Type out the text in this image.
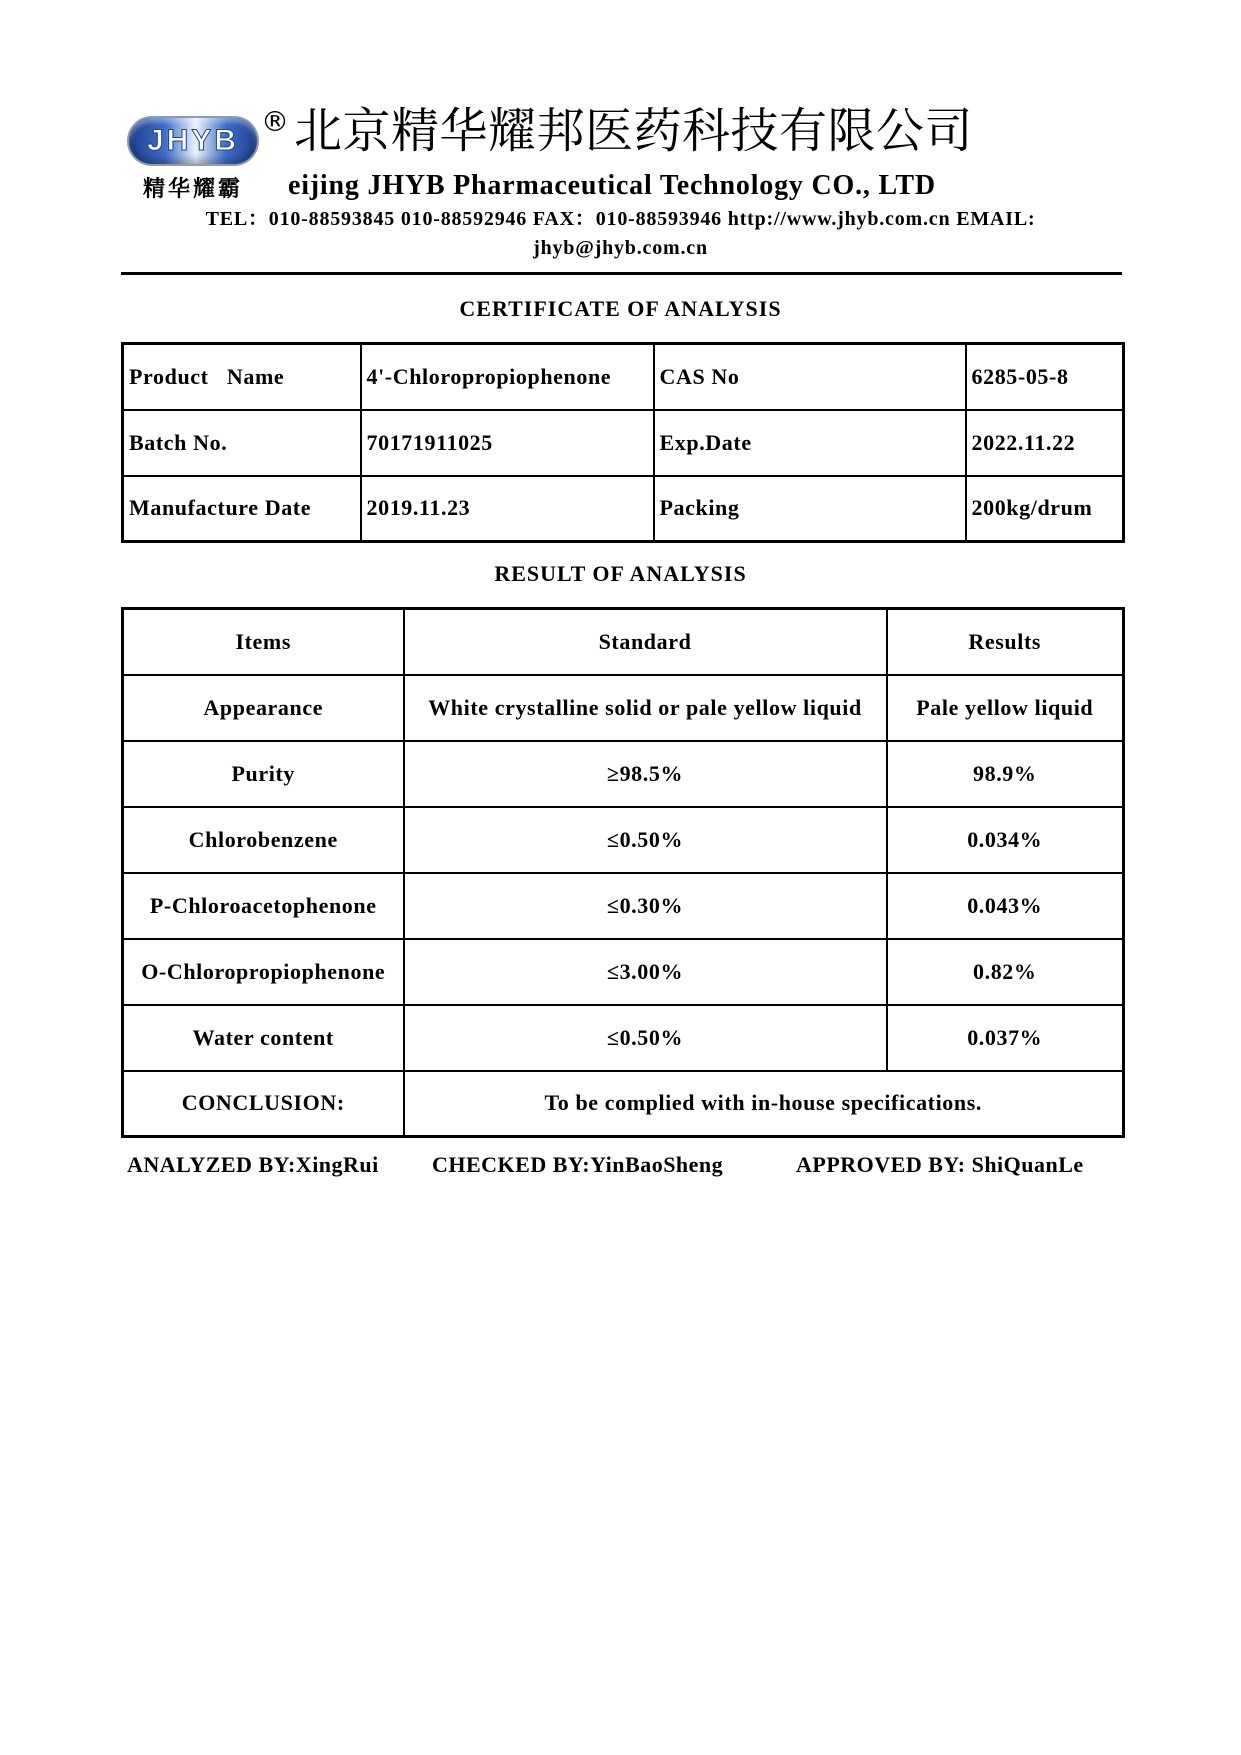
JHYB
® 北京精华耀邦医药科技有限公司
精华耀霸 eijing JHYB Pharmaceutical Technology CO., LTD
TEL：010-88593845 010-88592946 FAX：010-88593946 http://www.jhyb.com.cn EMAIL:
jhyb@jhyb.com.cn
CERTIFICATE OF ANALYSIS
Product   Name	4'-Chloropropiophenone	CAS No	6285-05-8
Batch No.	70171911025	Exp.Date	2022.11.22
Manufacture Date	2019.11.23	Packing	200kg/drum
RESULT OF ANALYSIS
Items	Standard	Results
Appearance	White crystalline solid or pale yellow liquid	Pale yellow liquid
Purity	≥98.5%	98.9%
Chlorobenzene	≤0.50%	0.034%
P-Chloroacetophenone	≤0.30%	0.043%
O-Chloropropiophenone	≤3.00%	0.82%
Water content	≤0.50%	0.037%
CONCLUSION:	To be complied with in-house specifications.	
ANALYZED BY:XingRui CHECKED BY:YinBaoSheng	APPROVED BY: ShiQuanLe
